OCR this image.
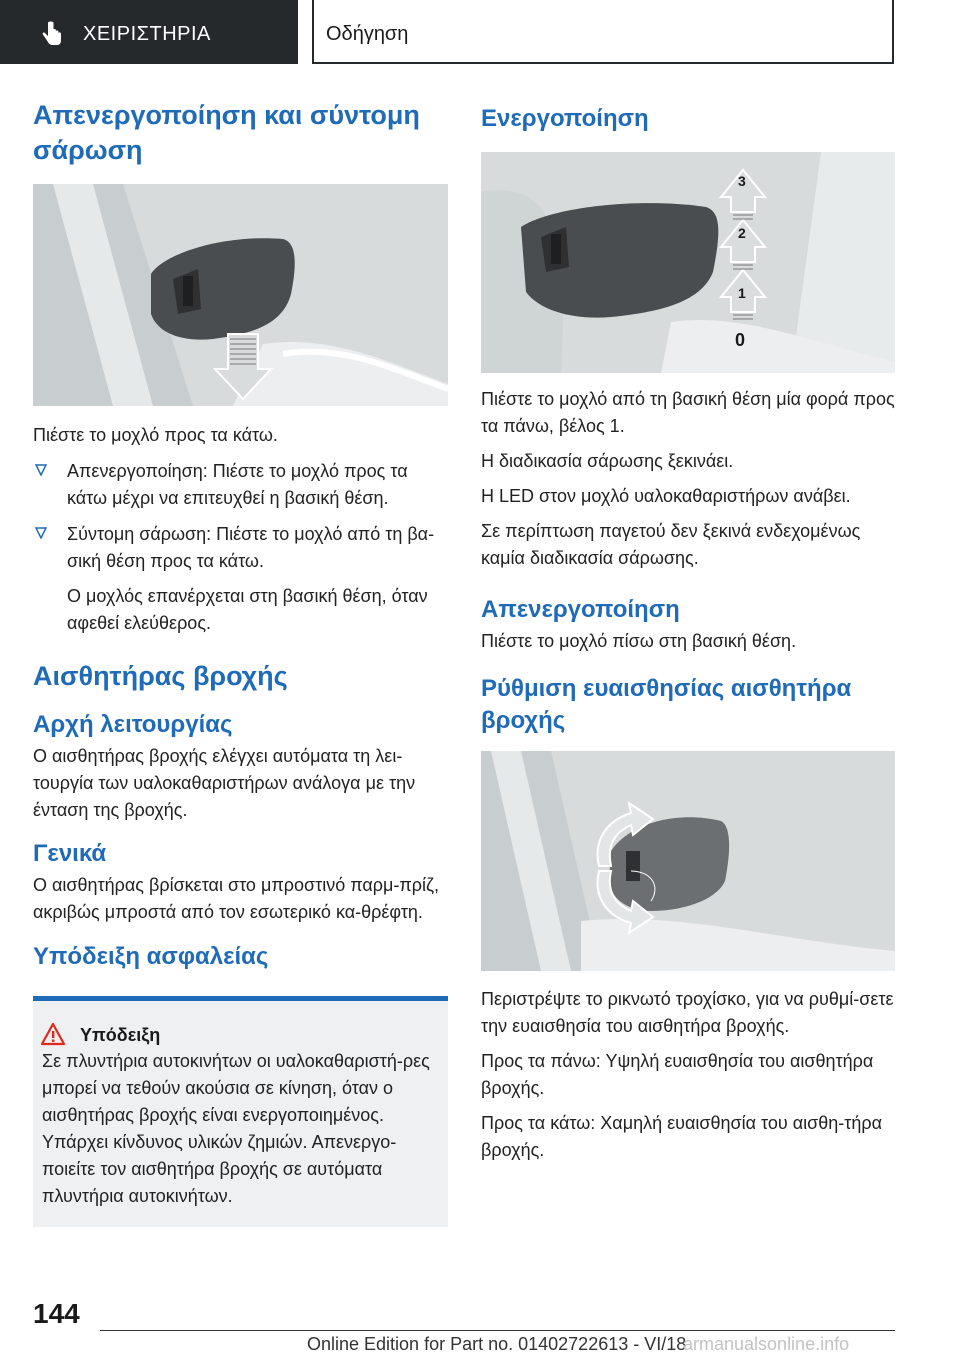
ΧΕΙΡΙΣΤΗΡΙΑ	Οδήγηση
Απενεργοποίηση και σύντομη σάρωση

Πιέστε το μοχλό προς τα κάτω.

Απενεργοποίηση: Πιέστε το μοχλό προς τα κάτω μέχρι να επιτευχθεί η βασική θέση.

Σύντομη σάρωση: Πιέστε το μοχλό από τη βα-σική θέση προς τα κάτω.

Ο μοχλός επανέρχεται στη βασική θέση, όταν αφεθεί ελεύθερος.

Αισθητήρας βροχής
Αρχή λειτουργίας

Ο αισθητήρας βροχής ελέγχει αυτόματα τη λει-τουργία των υαλοκαθαριστήρων ανάλογα με την ένταση της βροχής.

Γενικά

Ο αισθητήρας βρίσκεται στο μπροστινό παρμ-πρίζ, ακριβώς μπροστά από τον εσωτερικό κα-θρέφτη.

Υπόδειξη ασφαλείας
Υπόδειξη

Σε πλυντήρια αυτοκινήτων οι υαλοκαθαριστή-ρες μπορεί να τεθούν ακούσια σε κίνηση, όταν ο αισθητήρας βροχής είναι ενεργοποιημένος. Υπάρχει κίνδυνος υλικών ζημιών. Απενεργο-ποιείτε τον αισθητήρα βροχής σε αυτόματα πλυντήρια αυτοκινήτων.

Ενεργοποίηση
3
2
1
0

Πιέστε το μοχλό από τη βασική θέση μία φορά προς τα πάνω, βέλος 1.

Η διαδικασία σάρωσης ξεκινάει.

Η LED στον μοχλό υαλοκαθαριστήρων ανάβει.

Σε περίπτωση παγετού δεν ξεκινά ενδεχομένως καμία διαδικασία σάρωσης.

Απενεργοποίηση

Πιέστε το μοχλό πίσω στη βασική θέση.

Ρύθμιση ευαισθησίας αισθητήρα βροχής

Περιστρέψτε το ρικνωτό τροχίσκο, για να ρυθμί-σετε την ευαισθησία του αισθητήρα βροχής.

Προς τα πάνω: Υψηλή ευαισθησία του αισθητήρα βροχής.

Προς τα κάτω: Χαμηλή ευαισθησία του αισθη-τήρα βροχής.

144
Online Edition for Part no. 01402722613 - VI/18
armanualsonline.info
